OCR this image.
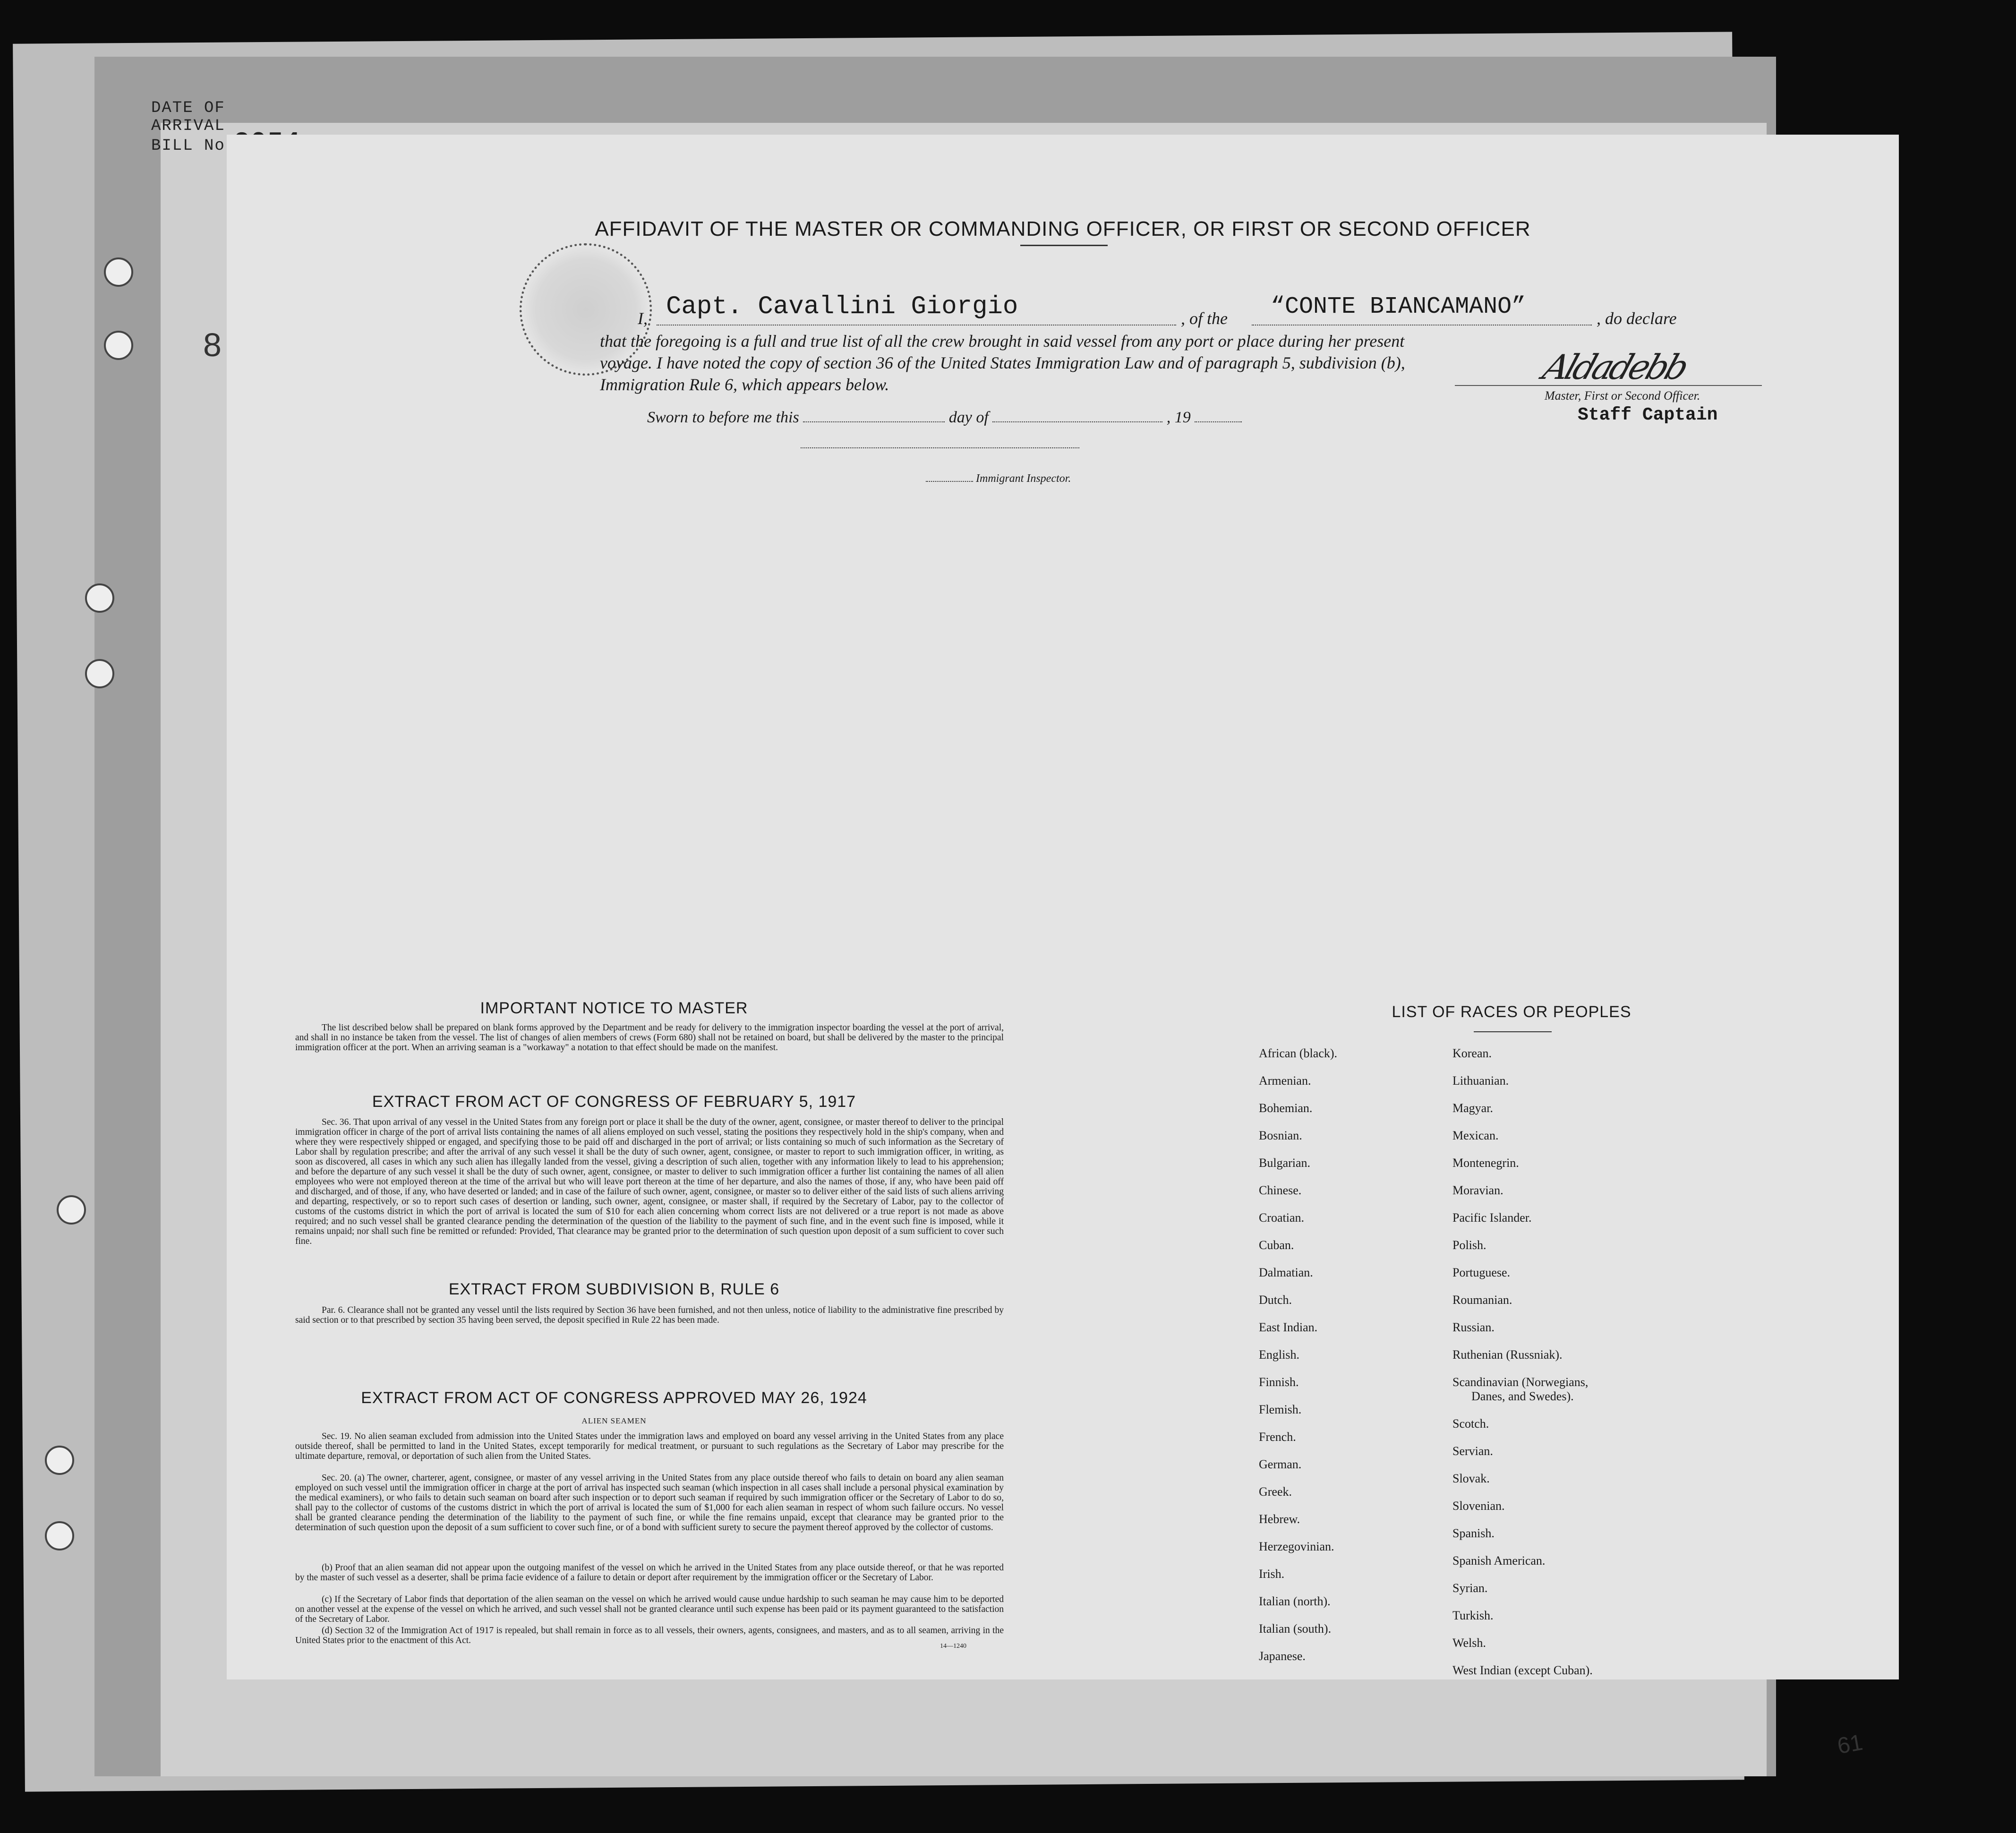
DATE OF ARRIVAL
BILL No
8
AFFIDAVIT OF THE MASTER OR COMMANDING OFFICER, OR FIRST OR SECOND OFFICER
I, Capt. Cavallini Giorgio	, of the	“CONTE BIANCAMANO”	, do declare
that the foregoing is a full and true list of all the crew brought in said vessel from any port or place during her present
voyage. I have noted the copy of section 36 of the United States Immigration Law and of paragraph 5, subdivision (b),
Immigration Rule 6, which appears below.	Aldadebb
Master, First or Second Officer.
Staff Captain
Sworn to before me this	day of	, 19
Immigrant Inspector.
IMPORTANT NOTICE TO MASTER
The list described below shall be prepared on blank forms approved by the Department and be ready for delivery to the immigration inspector boarding the vessel at the port of arrival, and shall in no instance be taken from the vessel. The list of changes of alien members of crews (Form 680) shall not be retained on board, but shall be delivered by the master to the principal immigration officer at the port. When an arriving seaman is a "workaway" a notation to that effect should be made on the manifest.
EXTRACT FROM ACT OF CONGRESS OF FEBRUARY 5, 1917
Sec. 36. That upon arrival of any vessel in the United States from any foreign port or place it shall be the duty of the owner, agent, consignee, or master thereof to deliver to the principal immigration officer in charge of the port of arrival lists containing the names of all aliens employed on such vessel, stating the positions they respectively hold in the ship's company, when and where they were respectively shipped or engaged, and specifying those to be paid off and discharged in the port of arrival; or lists containing so much of such information as the Secretary of Labor shall by regulation prescribe; and after the arrival of any such vessel it shall be the duty of such owner, agent, consignee, or master to report to such immigration officer, in writing, as soon as discovered, all cases in which any such alien has illegally landed from the vessel, giving a description of such alien, together with any information likely to lead to his apprehension; and before the departure of any such vessel it shall be the duty of such owner, agent, consignee, or master to deliver to such immigration officer a further list containing the names of all alien employees who were not employed thereon at the time of the arrival but who will leave port thereon at the time of her departure, and also the names of those, if any, who have been paid off and discharged, and of those, if any, who have deserted or landed; and in case of the failure of such owner, agent, consignee, or master so to deliver either of the said lists of such aliens arriving and departing, respectively, or so to report such cases of desertion or landing, such owner, agent, consignee, or master shall, if required by the Secretary of Labor, pay to the collector of customs of the customs district in which the port of arrival is located the sum of $10 for each alien concerning whom correct lists are not delivered or a true report is not made as above required; and no such vessel shall be granted clearance pending the determination of the question of the liability to the payment of such fine, and in the event such fine is imposed, while it remains unpaid; nor shall such fine be remitted or refunded: Provided, That clearance may be granted prior to the determination of such question upon deposit of a sum sufficient to cover such fine.
EXTRACT FROM SUBDIVISION B, RULE 6
Par. 6. Clearance shall not be granted any vessel until the lists required by Section 36 have been furnished, and not then unless, notice of liability to the administrative fine prescribed by said section or to that prescribed by section 35 having been served, the deposit specified in Rule 22 has been made.
EXTRACT FROM ACT OF CONGRESS APPROVED MAY 26, 1924
ALIEN SEAMEN
Sec. 19. No alien seaman excluded from admission into the United States under the immigration laws and employed on board any vessel arriving in the United States from any place outside thereof, shall be permitted to land in the United States, except temporarily for medical treatment, or pursuant to such regulations as the Secretary of Labor may prescribe for the ultimate departure, removal, or deportation of such alien from the United States.
Sec. 20. (a) The owner, charterer, agent, consignee, or master of any vessel arriving in the United States from any place outside thereof who fails to detain on board any alien seaman employed on such vessel until the immigration officer in charge at the port of arrival has inspected such seaman (which inspection in all cases shall include a personal physical examination by the medical examiners), or who fails to detain such seaman on board after such inspection or to deport such seaman if required by such immigration officer or the Secretary of Labor to do so, shall pay to the collector of customs of the customs district in which the port of arrival is located the sum of $1,000 for each alien seaman in respect of whom such failure occurs. No vessel shall be granted clearance pending the determination of the liability to the payment of such fine, or while the fine remains unpaid, except that clearance may be granted prior to the determination of such question upon the deposit of a sum sufficient to cover such fine, or of a bond with sufficient surety to secure the payment thereof approved by the collector of customs.
(b) Proof that an alien seaman did not appear upon the outgoing manifest of the vessel on which he arrived in the United States from any place outside thereof, or that he was reported by the master of such vessel as a deserter, shall be prima facie evidence of a failure to detain or deport after requirement by the immigration officer or the Secretary of Labor.
(c) If the Secretary of Labor finds that deportation of the alien seaman on the vessel on which he arrived would cause undue hardship to such seaman he may cause him to be deported on another vessel at the expense of the vessel on which he arrived, and such vessel shall not be granted clearance until such expense has been paid or its payment guaranteed to the satisfaction of the Secretary of Labor.
(d) Section 32 of the Immigration Act of 1917 is repealed, but shall remain in force as to all vessels, their owners, agents, consignees, and masters, and as to all seamen, arriving in the United States prior to the enactment of this Act.
14—1240
LIST OF RACES OR PEOPLES
African (black).
Armenian.
Bohemian.
Bosnian.
Bulgarian.
Chinese.
Croatian.
Cuban.
Dalmatian.
Dutch.
East Indian.
English.
Finnish.
Flemish.
French.
German.
Greek.
Hebrew.
Herzegovinian.
Irish.
Italian (north).
Italian (south).
Japanese.
Korean.
Lithuanian.
Magyar.
Mexican.
Montenegrin.
Moravian.
Pacific Islander.
Polish.
Portuguese.
Roumanian.
Russian.
Ruthenian (Russniak).
Scandinavian (Norwegians,
Danes, and Swedes).
Scotch.
Servian.
Slovak.
Slovenian.
Spanish.
Spanish American.
Syrian.
Turkish.
Welsh.
West Indian (except Cuban).
61
